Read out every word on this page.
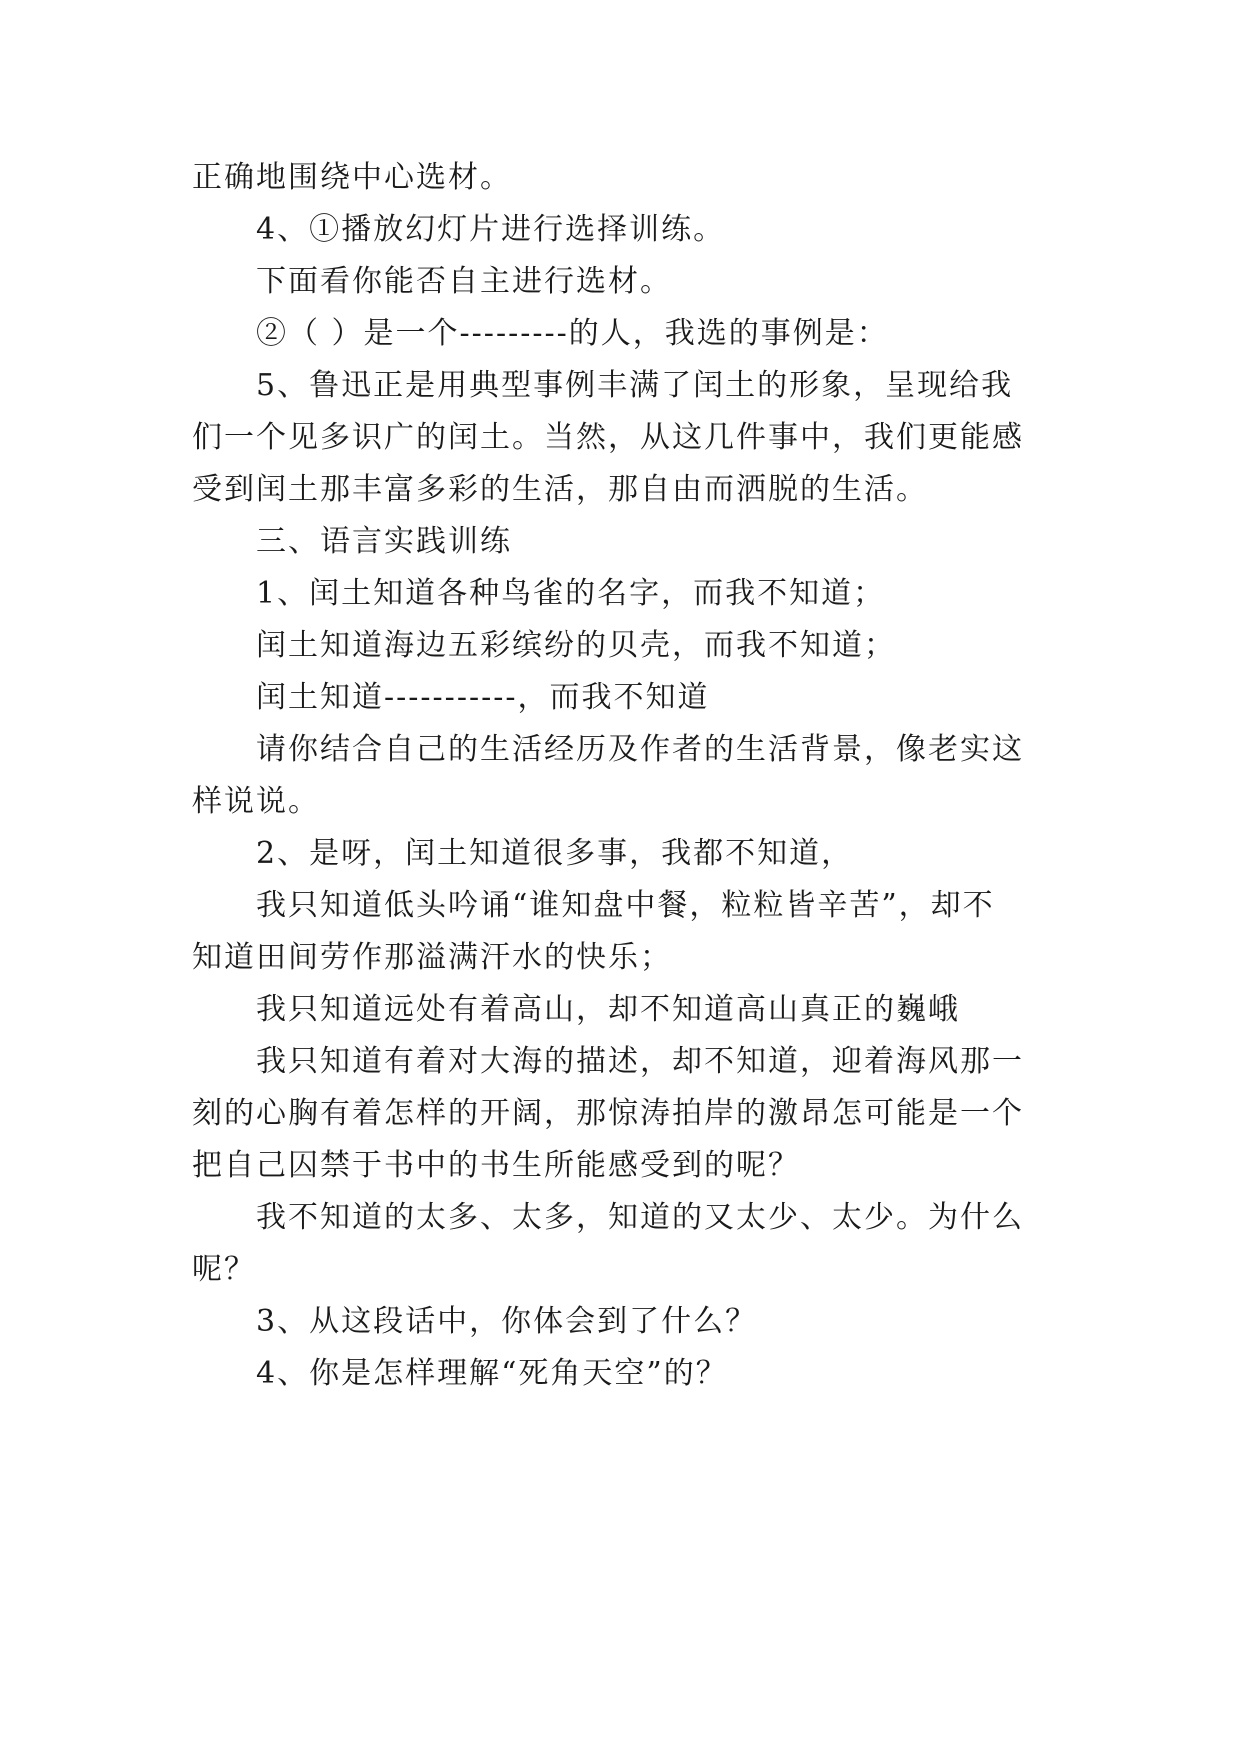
正确地围绕中心选材。
4、①播放幻灯片进行选择训练。
下面看你能否自主进行选材。
②（ ）是一个---------的人，我选的事例是：
5、鲁迅正是用典型事例丰满了闰土的形象，呈现给我
们一个见多识广的闰土。当然，从这几件事中，我们更能感
受到闰土那丰富多彩的生活，那自由而洒脱的生活。
三、语言实践训练
1、闰土知道各种鸟雀的名字，而我不知道；
闰土知道海边五彩缤纷的贝壳，而我不知道；
闰土知道-----------，而我不知道
请你结合自己的生活经历及作者的生活背景，像老实这
样说说。
2、是呀，闰土知道很多事，我都不知道，
我只知道低头吟诵“谁知盘中餐，粒粒皆辛苦”，却不
知道田间劳作那溢满汗水的快乐；
我只知道远处有着高山，却不知道高山真正的巍峨
我只知道有着对大海的描述，却不知道，迎着海风那一
刻的心胸有着怎样的开阔，那惊涛拍岸的激昂怎可能是一个
把自己囚禁于书中的书生所能感受到的呢？
我不知道的太多、太多，知道的又太少、太少。为什么
呢？
3、从这段话中，你体会到了什么？
4、你是怎样理解“死角天空”的？
